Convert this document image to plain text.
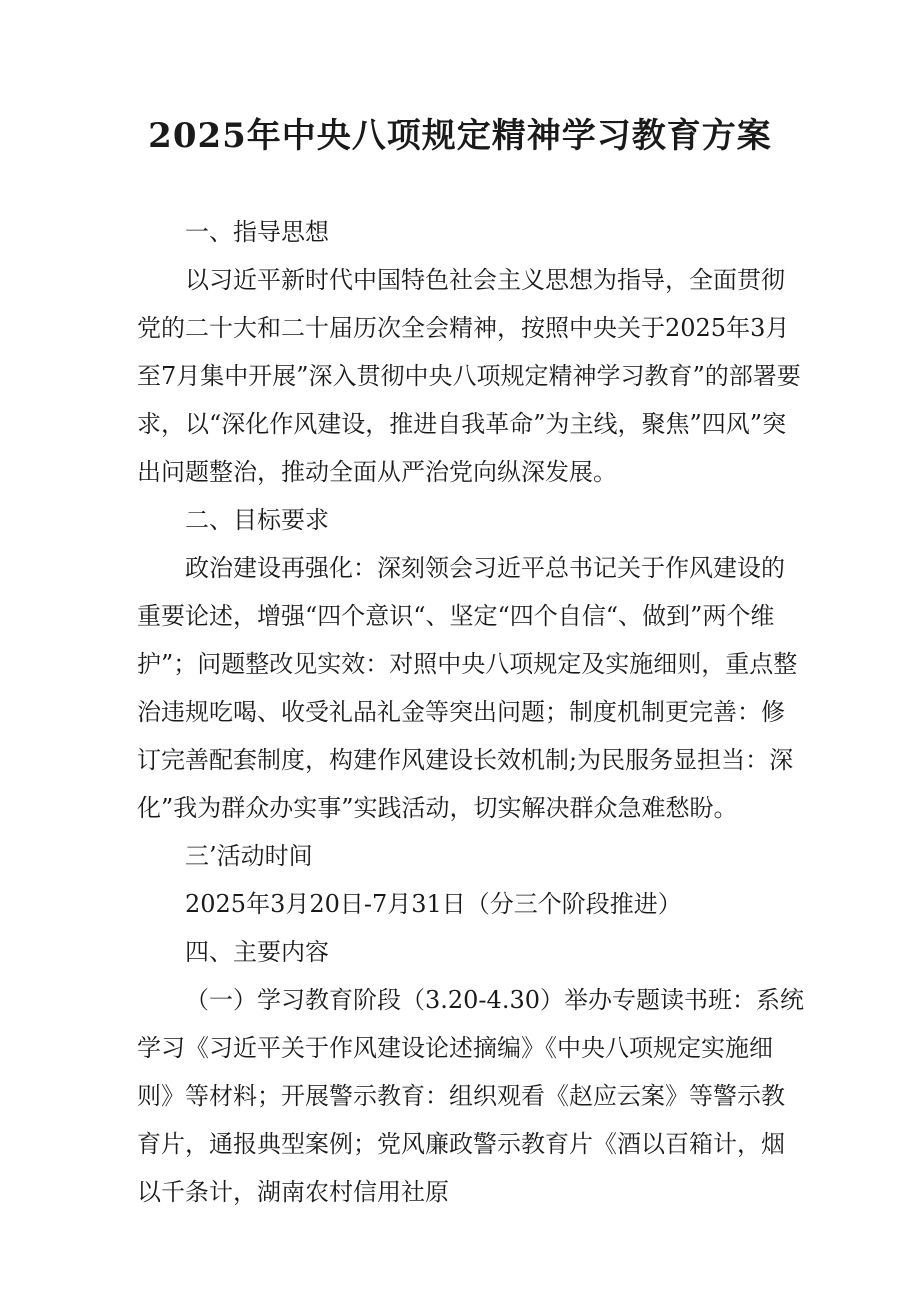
2025年中央八项规定精神学习教育方案

一、指导思想

以习近平新时代中国特色社会主义思想为指导，全面贯彻党的二十大和二十届历次全会精神，按照中央关于2025年3月至7月集中开展”深入贯彻中央八项规定精神学习教育”的部署要求，以“深化作风建设，推进自我革命”为主线，聚焦”四风”突出问题整治，推动全面从严治党向纵深发展。

二、目标要求

政治建设再强化：深刻领会习近平总书记关于作风建设的重要论述，增强“四个意识“、坚定“四个自信“、做到”两个维护”；问题整改见实效：对照中央八项规定及实施细则，重点整治违规吃喝、收受礼品礼金等突出问题；制度机制更完善：修订完善配套制度，构建作风建设长效机制;为民服务显担当：深化”我为群众办实事”实践活动，切实解决群众急难愁盼。

三’活动时间

2025年3月20日-7月31日（分三个阶段推进）

四、主要内容

（一）学习教育阶段（3.20-4.30）举办专题读书班：系统学习《习近平关于作风建设论述摘编》《中央八项规定实施细则》等材料；开展警示教育：组织观看《赵应云案》等警示教育片，通报典型案例；党风廉政警示教育片《酒以百箱计，烟以千条计，湖南农村信用社原
